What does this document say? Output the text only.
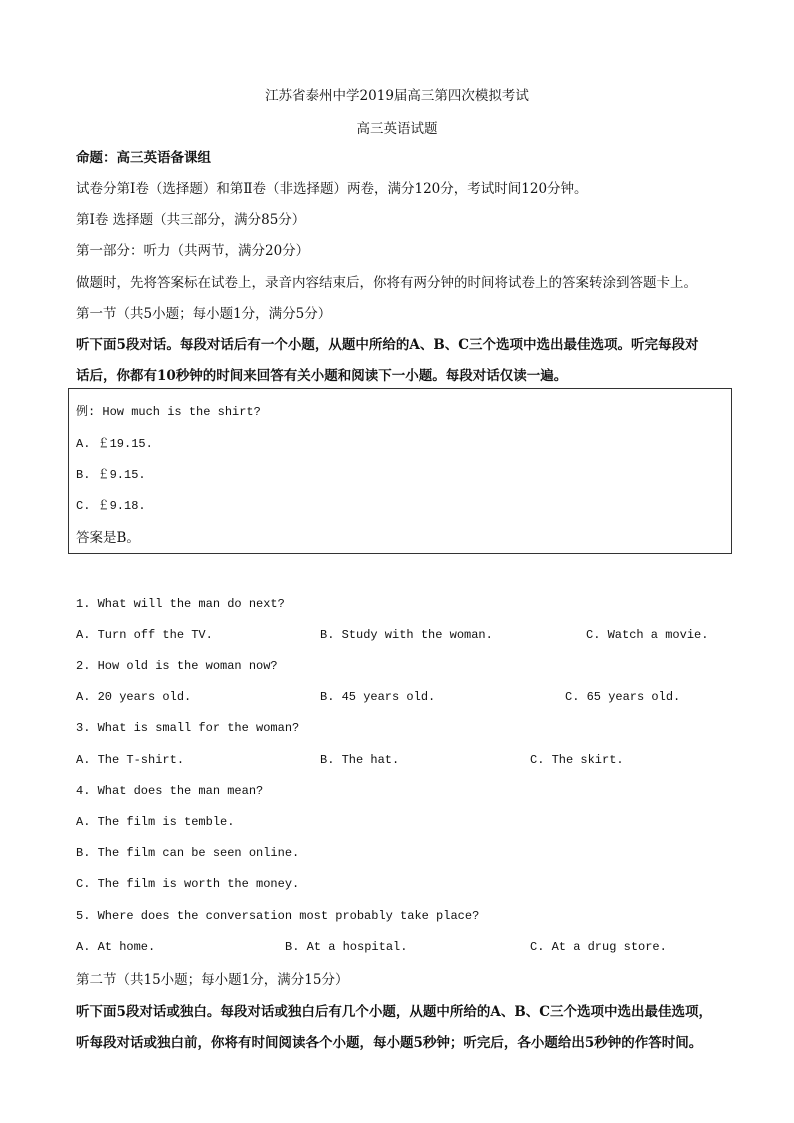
江苏省泰州中学2019届高三第四次模拟考试
高三英语试题
命题：高三英语备课组
试卷分第Ⅰ卷（选择题）和第Ⅱ卷（非选择题）两卷，满分120分，考试时间120分钟。
第Ⅰ卷 选择题（共三部分，满分85分）
第一部分：听力（共两节，满分20分）
做题时，先将答案标在试卷上，录音内容结束后，你将有两分钟的时间将试卷上的答案转涂到答题卡上。
第一节（共5小题；每小题1分，满分5分）
听下面5段对话。每段对话后有一个小题，从题中所给的A、B、C三个选项中选出最佳选项。听完每段对
话后，你都有10秒钟的时间来回答有关小题和阅读下一小题。每段对话仅读一遍。
例: How much is the shirt?
A. ￡19.15.
B. ￡9.15.
C. ￡9.18.
答案是B。
1. What will the man do next?
A. Turn off the TV.	B. Study with the woman.	C. Watch a movie.
2. How old is the woman now?
A. 20 years old.	B. 45 years old.	C. 65 years old.
3. What is small for the woman?
A. The T-shirt.	B. The hat.	C. The skirt.
4. What does the man mean?
A. The film is temble.
B. The film can be seen online.
C. The film is worth the money.
5. Where does the conversation most probably take place?
A. At home.	B. At a hospital.	C. At a drug store.
第二节（共15小题；每小题1分，满分15分）
听下面5段对话或独白。每段对话或独白后有几个小题，从题中所给的A、B、C三个选项中选出最佳选项，
听每段对话或独白前，你将有时间阅读各个小题，每小题5秒钟；听完后，各小题给出5秒钟的作答时间。
